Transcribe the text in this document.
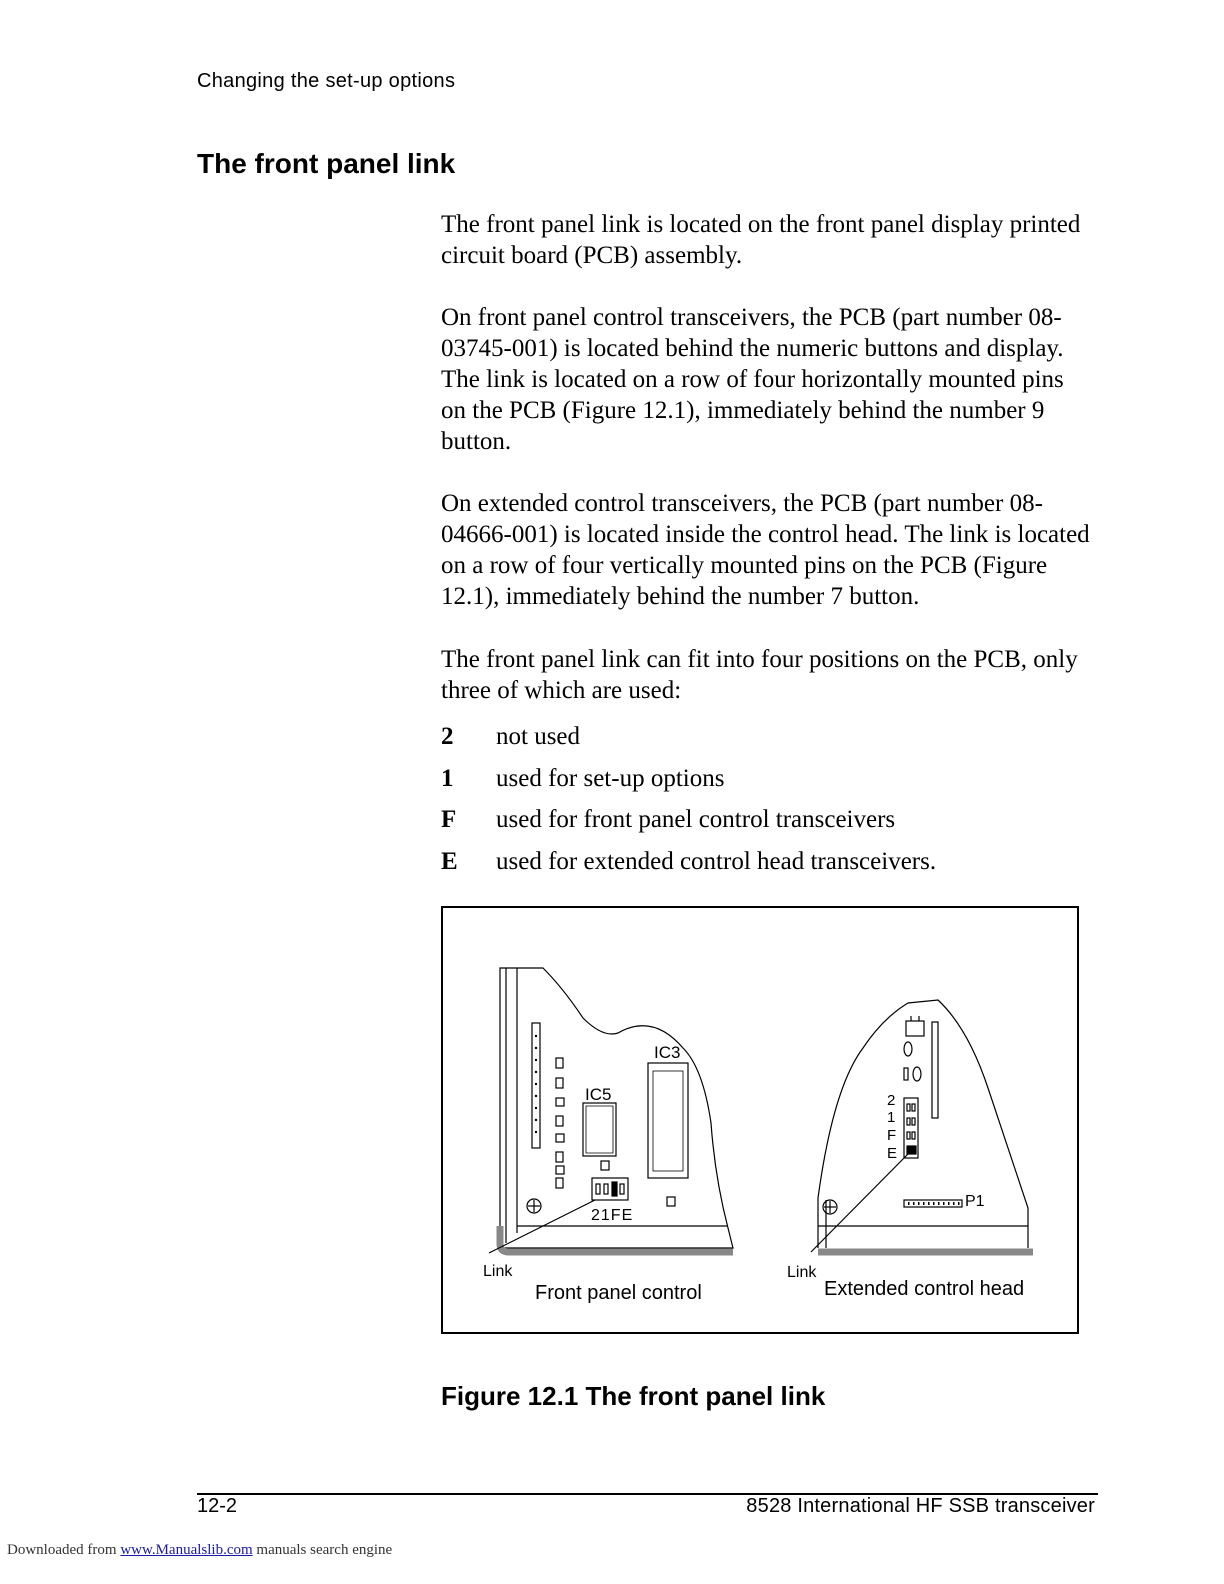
Changing the set-up options
The front panel link

The front panel link is located on the front panel display printed circuit board (PCB) assembly.

On front panel control transceivers, the PCB (part number 08-03745-001) is located behind the numeric buttons and display. The link is located on a row of four horizontally mounted pins on the PCB (Figure 12.1), immediately behind the number 9 button.

On extended control transceivers, the PCB (part number 08-04666-001) is located inside the control head. The link is located on a row of four vertically mounted pins on the PCB (Figure 12.1), immediately behind the number 7 button.

The front panel link can fit into four positions on the PCB, only three of which are used:

2	not used
1	used for set-up options
F	used for front panel control transceivers
E	used for extended control head transceivers.
IC3
IC5
21FE
Link
Front panel control
2
1
F
E
P1
Link
Extended control head
Figure 12.1 The front panel link
12-2	8528 International HF SSB transceiver
Downloaded from www.Manualslib.com manuals search engine
